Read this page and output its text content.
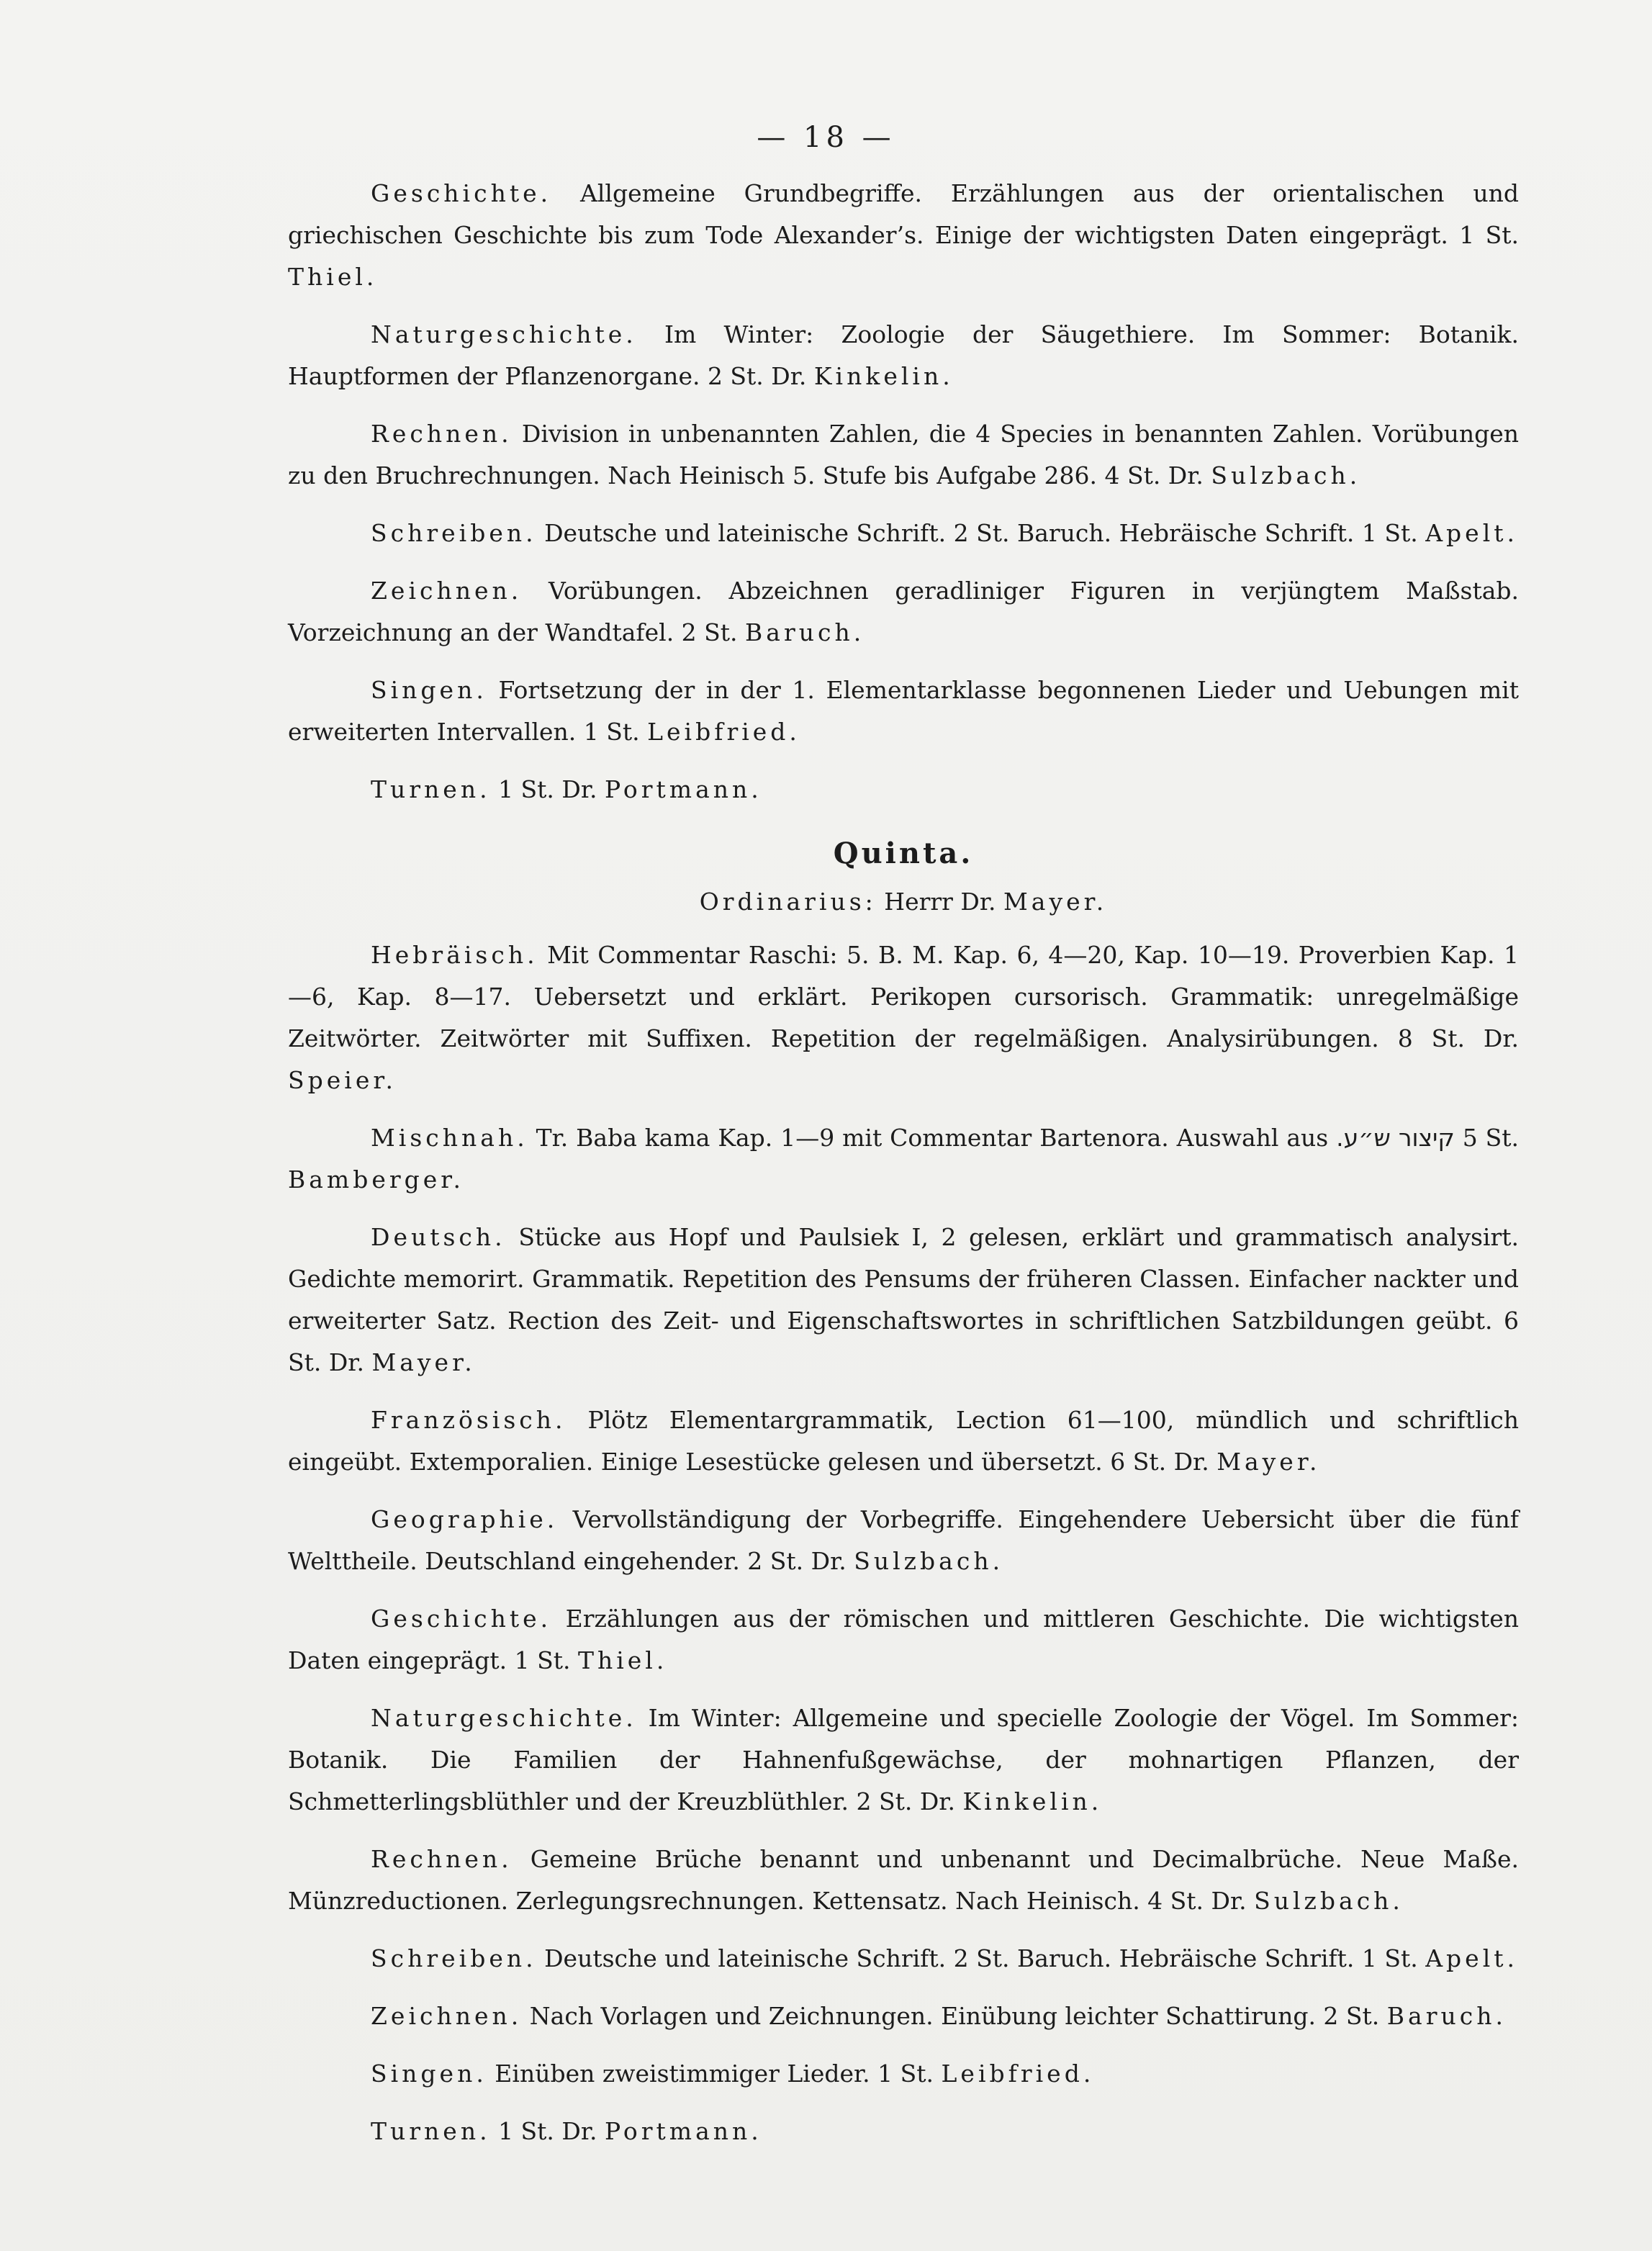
— 18 —

Geschichte. Allgemeine Grundbegriffe. Erzählungen aus der orientalischen und griechischen Geschichte bis zum Tode Alexander’s. Einige der wichtigsten Daten eingeprägt. 1 St. Thiel.

Naturgeschichte. Im Winter: Zoologie der Säugethiere. Im Sommer: Botanik. Hauptformen der Pflanzenorgane. 2 St. Dr. Kinkelin.

Rechnen. Division in unbenannten Zahlen, die 4 Species in benannten Zahlen. Vorübungen zu den Bruchrechnungen. Nach Heinisch 5. Stufe bis Aufgabe 286. 4 St. Dr. Sulzbach.

Schreiben. Deutsche und lateinische Schrift. 2 St. Baruch. Hebräische Schrift. 1 St. Apelt.

Zeichnen. Vorübungen. Abzeichnen geradliniger Figuren in verjüngtem Maßstab. Vorzeichnung an der Wandtafel. 2 St. Baruch.

Singen. Fortsetzung der in der 1. Elementarklasse begonnenen Lieder und Uebungen mit erweiterten Intervallen. 1 St. Leibfried.

Turnen. 1 St. Dr. Portmann.

Quinta.
Ordinarius: Herrr Dr. Mayer.

Hebräisch. Mit Commentar Raschi: 5. B. M. Kap. 6, 4—20, Kap. 10—19. Proverbien Kap. 1—6, Kap. 8—17. Uebersetzt und erklärt. Perikopen cursorisch. Grammatik: unregelmäßige Zeitwörter. Zeitwörter mit Suffixen. Repetition der regelmäßigen. Analysirübungen. 8 St. Dr. Speier.

Mischnah. Tr. Baba kama Kap. 1—9 mit Commentar Bartenora. Auswahl aus קיצור ש״ע. 5 St. Bamberger.

Deutsch. Stücke aus Hopf und Paulsiek I, 2 gelesen, erklärt und grammatisch analysirt. Gedichte memorirt. Grammatik. Repetition des Pensums der früheren Classen. Einfacher nackter und erweiterter Satz. Rection des Zeit- und Eigenschaftswortes in schriftlichen Satzbildungen geübt. 6 St. Dr. Mayer.

Französisch. Plötz Elementargrammatik, Lection 61—100, mündlich und schriftlich eingeübt. Extemporalien. Einige Lesestücke gelesen und übersetzt. 6 St. Dr. Mayer.

Geographie. Vervollständigung der Vorbegriffe. Eingehendere Uebersicht über die fünf Welttheile. Deutschland eingehender. 2 St. Dr. Sulzbach.

Geschichte. Erzählungen aus der römischen und mittleren Geschichte. Die wichtigsten Daten eingeprägt. 1 St. Thiel.

Naturgeschichte. Im Winter: Allgemeine und specielle Zoologie der Vögel. Im Sommer: Botanik. Die Familien der Hahnenfußgewächse, der mohnartigen Pflanzen, der Schmetterlingsblüthler und der Kreuzblüthler. 2 St. Dr. Kinkelin.

Rechnen. Gemeine Brüche benannt und unbenannt und Decimalbrüche. Neue Maße. Münzreductionen. Zerlegungsrechnungen. Kettensatz. Nach Heinisch. 4 St. Dr. Sulzbach.

Schreiben. Deutsche und lateinische Schrift. 2 St. Baruch. Hebräische Schrift. 1 St. Apelt.

Zeichnen. Nach Vorlagen und Zeichnungen. Einübung leichter Schattirung. 2 St. Baruch.

Singen. Einüben zweistimmiger Lieder. 1 St. Leibfried.

Turnen. 1 St. Dr. Portmann.
